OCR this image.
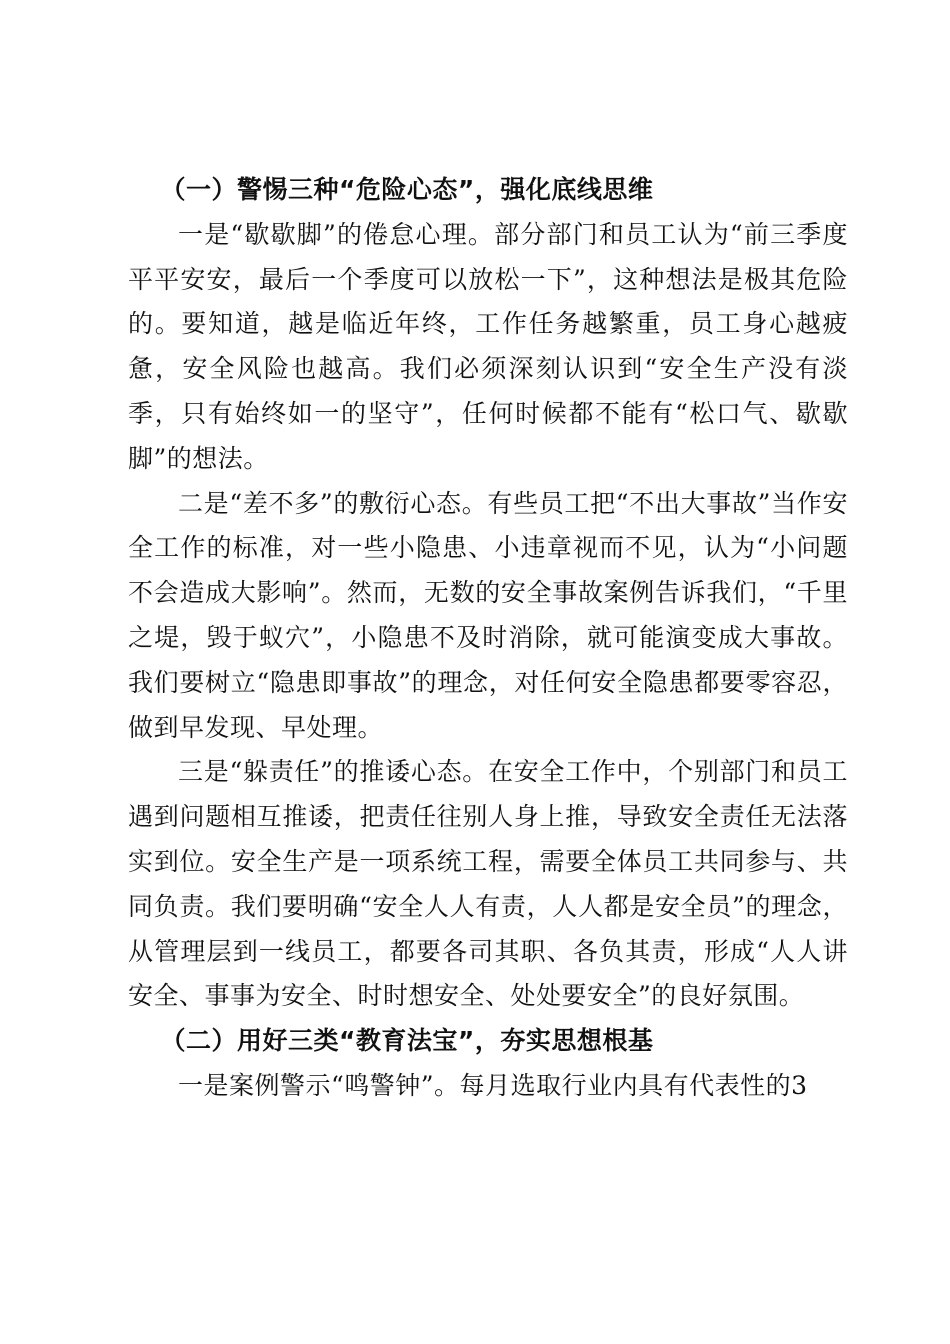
（一）警惕三种“危险心态”，强化底线思维

一是“歇歇脚”的倦怠心理。部分部门和员工认为“前三季度平平安安，最后一个季度可以放松一下”，这种想法是极其危险的。要知道，越是临近年终，工作任务越繁重，员工身心越疲惫，安全风险也越高。我们必须深刻认识到“安全生产没有淡季，只有始终如一的坚守”，任何时候都不能有“松口气、歇歇脚”的想法。

二是“差不多”的敷衍心态。有些员工把“不出大事故”当作安全工作的标准，对一些小隐患、小违章视而不见，认为“小问题不会造成大影响”。然而，无数的安全事故案例告诉我们，“千里之堤，毁于蚁穴”，小隐患不及时消除，就可能演变成大事故。我们要树立“隐患即事故”的理念，对任何安全隐患都要零容忍，做到早发现、早处理。

三是“躲责任”的推诿心态。在安全工作中，个别部门和员工遇到问题相互推诿，把责任往别人身上推，导致安全责任无法落实到位。安全生产是一项系统工程，需要全体员工共同参与、共同负责。我们要明确“安全人人有责，人人都是安全员”的理念，从管理层到一线员工，都要各司其职、各负其责，形成“人人讲安全、事事为安全、时时想安全、处处要安全”的良好氛围。

（二）用好三类“教育法宝”，夯实思想根基

一是案例警示“鸣警钟”。每月选取行业内具有代表性的3
